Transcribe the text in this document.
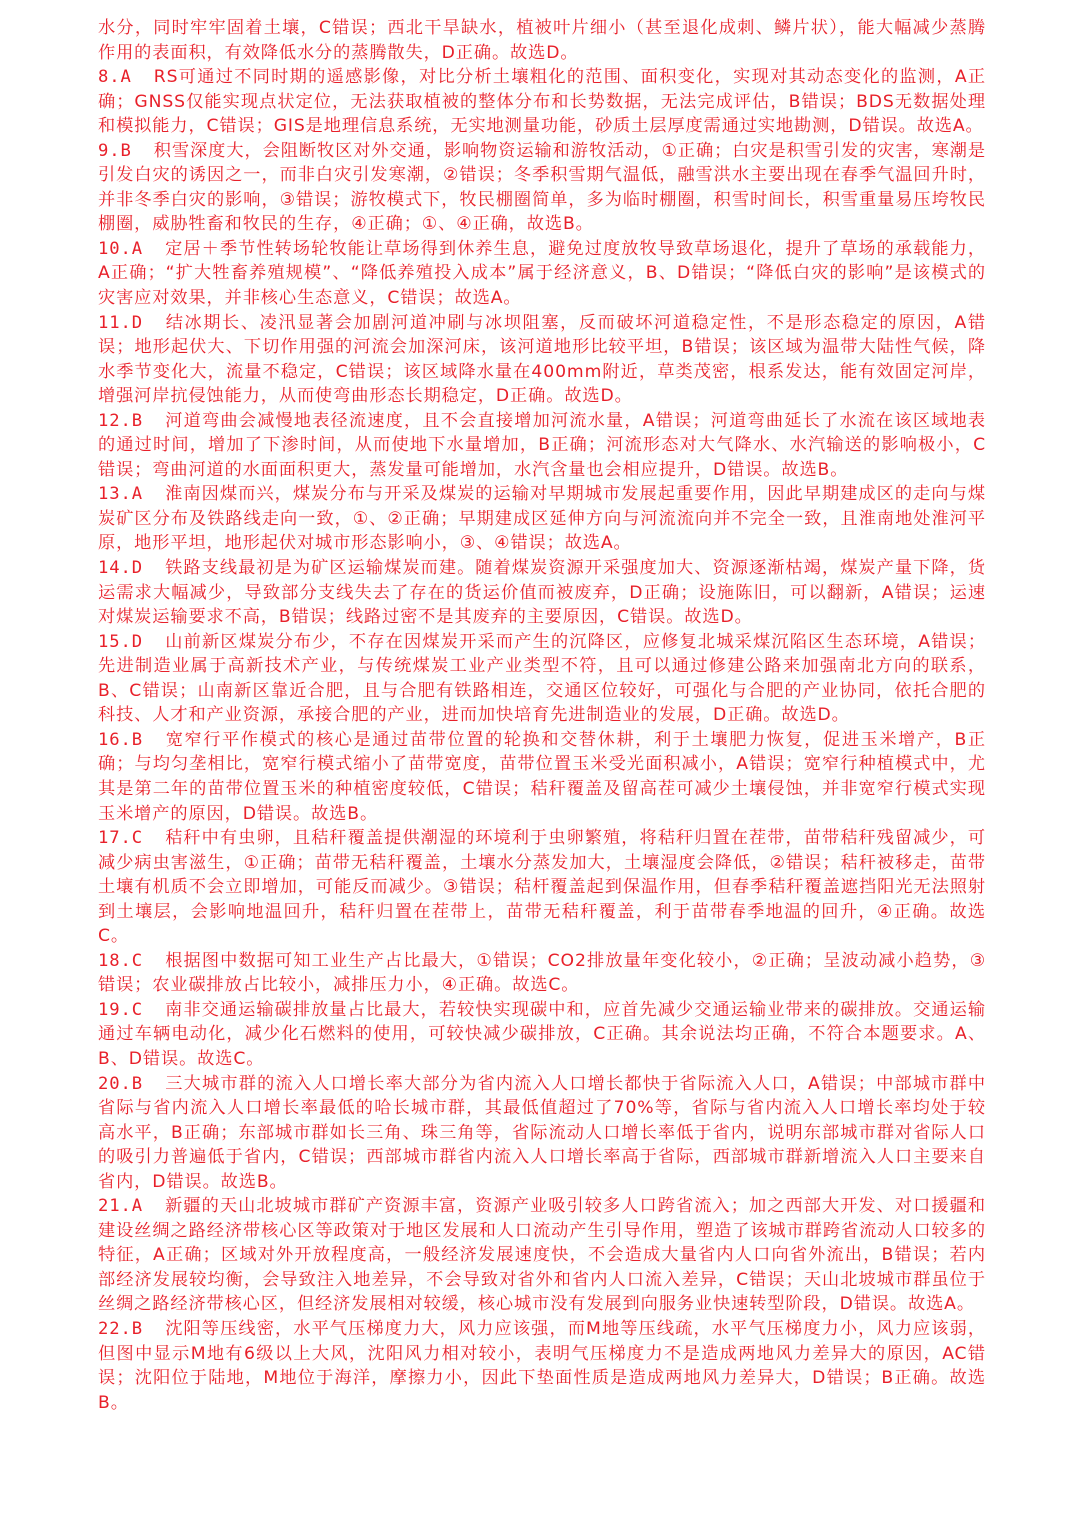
水分，同时牢牢固着土壤，C错误；西北干旱缺水，植被叶片细小（甚至退化成刺、鳞片状），能大幅减少蒸腾作用的表面积，有效降低水分的蒸腾散失，D正确。故选D。

8.A RS可通过不同时期的遥感影像，对比分析土壤粗化的范围、面积变化，实现对其动态变化的监测，A正确；GNSS仅能实现点状定位，无法获取植被的整体分布和长势数据，无法完成评估，B错误；BDS无数据处理和模拟能力，C错误；GIS是地理信息系统，无实地测量功能，砂质土层厚度需通过实地勘测，D错误。故选A。

9.B 积雪深度大，会阻断牧区对外交通，影响物资运输和游牧活动，①正确；白灾是积雪引发的灾害，寒潮是引发白灾的诱因之一，而非白灾引发寒潮，②错误；冬季积雪期气温低，融雪洪水主要出现在春季气温回升时，并非冬季白灾的影响，③错误；游牧模式下，牧民棚圈简单，多为临时棚圈，积雪时间长，积雪重量易压垮牧民棚圈，威胁牲畜和牧民的生存，④正确；①、④正确，故选B。

10.A 定居＋季节性转场轮牧能让草场得到休养生息，避免过度放牧导致草场退化，提升了草场的承载能力，A正确；“扩大牲畜养殖规模”、“降低养殖投入成本”属于经济意义，B、D错误；“降低白灾的影响”是该模式的灾害应对效果，并非核心生态意义，C错误；故选A。

11.D 结冰期长、凌汛显著会加剧河道冲刷与冰坝阻塞，反而破坏河道稳定性，不是形态稳定的原因，A错误；地形起伏大、下切作用强的河流会加深河床，该河道地形比较平坦，B错误；该区域为温带大陆性气候，降水季节变化大，流量不稳定，C错误；该区域降水量在400mm附近，草类茂密，根系发达，能有效固定河岸，增强河岸抗侵蚀能力，从而使弯曲形态长期稳定，D正确。故选D。

12.B 河道弯曲会减慢地表径流速度，且不会直接增加河流水量，A错误；河道弯曲延长了水流在该区域地表的通过时间，增加了下渗时间，从而使地下水量增加，B正确；河流形态对大气降水、水汽输送的影响极小，C错误；弯曲河道的水面面积更大，蒸发量可能增加，水汽含量也会相应提升，D错误。故选B。

13.A 淮南因煤而兴，煤炭分布与开采及煤炭的运输对早期城市发展起重要作用，因此早期建成区的走向与煤炭矿区分布及铁路线走向一致，①、②正确；早期建成区延伸方向与河流流向并不完全一致，且淮南地处淮河平原，地形平坦，地形起伏对城市形态影响小，③、④错误；故选A。

14.D 铁路支线最初是为矿区运输煤炭而建。随着煤炭资源开采强度加大、资源逐渐枯竭，煤炭产量下降，货运需求大幅减少，导致部分支线失去了存在的货运价值而被废弃，D正确；设施陈旧，可以翻新，A错误；运速对煤炭运输要求不高，B错误；线路过密不是其废弃的主要原因，C错误。故选D。

15.D 山前新区煤炭分布少，不存在因煤炭开采而产生的沉降区，应修复北城采煤沉陷区生态环境，A错误；先进制造业属于高新技术产业，与传统煤炭工业产业类型不符，且可以通过修建公路来加强南北方向的联系，B、C错误；山南新区靠近合肥，且与合肥有铁路相连，交通区位较好，可强化与合肥的产业协同，依托合肥的科技、人才和产业资源，承接合肥的产业，进而加快培育先进制造业的发展，D正确。故选D。

16.B 宽窄行平作模式的核心是通过苗带位置的轮换和交替休耕，利于土壤肥力恢复，促进玉米增产，B正确；与均匀垄相比，宽窄行模式缩小了苗带宽度，苗带位置玉米受光面积减小，A错误；宽窄行种植模式中，尤其是第二年的苗带位置玉米的种植密度较低，C错误；秸秆覆盖及留高茬可减少土壤侵蚀，并非宽窄行模式实现玉米增产的原因，D错误。故选B。

17.C 秸秆中有虫卵，且秸秆覆盖提供潮湿的环境利于虫卵繁殖，将秸秆归置在茬带，苗带秸秆残留减少，可减少病虫害滋生，①正确；苗带无秸秆覆盖，土壤水分蒸发加大，土壤湿度会降低，②错误；秸秆被移走，苗带土壤有机质不会立即增加，可能反而减少。③错误；秸杆覆盖起到保温作用，但春季秸秆覆盖遮挡阳光无法照射到土壤层，会影响地温回升，秸秆归置在茬带上，苗带无秸秆覆盖，利于苗带春季地温的回升，④正确。故选C。

18.C 根据图中数据可知工业生产占比最大，①错误；CO2排放量年变化较小，②正确；呈波动减小趋势，③错误；农业碳排放占比较小，减排压力小，④正确。故选C。

19.C 南非交通运输碳排放量占比最大，若较快实现碳中和，应首先减少交通运输业带来的碳排放。交通运输通过车辆电动化，减少化石燃料的使用，可较快减少碳排放，C正确。其余说法均正确，不符合本题要求。A、B、D错误。故选C。

20.B 三大城市群的流入人口增长率大部分为省内流入人口增长都快于省际流入人口，A错误；中部城市群中省际与省内流入人口增长率最低的哈长城市群，其最低值超过了70%等，省际与省内流入人口增长率均处于较高水平，B正确；东部城市群如长三角、珠三角等，省际流动人口增长率低于省内，说明东部城市群对省际人口的吸引力普遍低于省内，C错误；西部城市群省内流入人口增长率高于省际，西部城市群新增流入人口主要来自省内，D错误。故选B。

21.A 新疆的天山北坡城市群矿产资源丰富，资源产业吸引较多人口跨省流入；加之西部大开发、对口援疆和建设丝绸之路经济带核心区等政策对于地区发展和人口流动产生引导作用，塑造了该城市群跨省流动人口较多的特征，A正确；区域对外开放程度高，一般经济发展速度快，不会造成大量省内人口向省外流出，B错误；若内部经济发展较均衡，会导致注入地差异，不会导致对省外和省内人口流入差异，C错误；天山北坡城市群虽位于丝绸之路经济带核心区，但经济发展相对较缓，核心城市没有发展到向服务业快速转型阶段，D错误。故选A。

22.B 沈阳等压线密，水平气压梯度力大，风力应该强，而M地等压线疏，水平气压梯度力小，风力应该弱，但图中显示M地有6级以上大风，沈阳风力相对较小，表明气压梯度力不是造成两地风力差异大的原因，AC错误；沈阳位于陆地，M地位于海洋，摩擦力小，因此下垫面性质是造成两地风力差异大，D错误；B正确。故选B。
